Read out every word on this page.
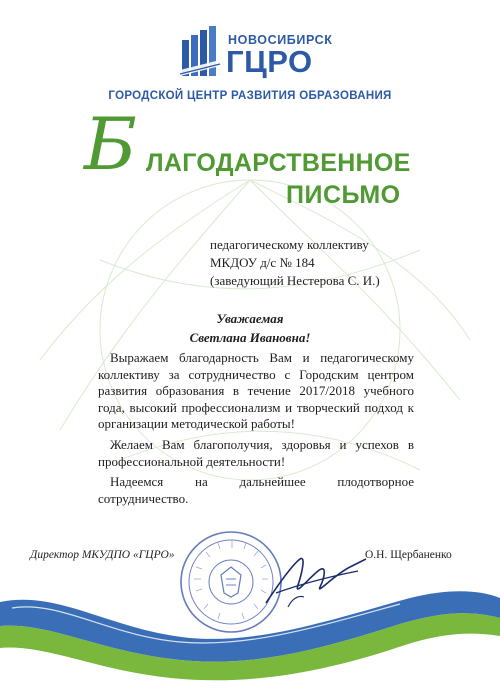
НОВОСИБИРСК
ГЦРО
ГОРОДСКОЙ ЦЕНТР РАЗВИТИЯ ОБРАЗОВАНИЯ
Б ЛАГОДАРСТВЕННОЕ
ПИСЬМО
педагогическому коллективу
МКДОУ д/с № 184
(заведующий Нестерова С. И.)
Уважаемая
Светлана Ивановна!

Выражаем благодарность Вам и педагогическому коллективу за сотрудничество с Городским центром развития образования в течение 2017/2018 учебного года, высокий профессионализм и творческий подход к организации методической работы!

Желаем Вам благополучия, здоровья и успехов в профессиональной деятельности!

Надеемся на дальнейшее плодотворное сотрудничество.

Директор МКУДПО «ГЦРО»	О.Н. Щербаненко
